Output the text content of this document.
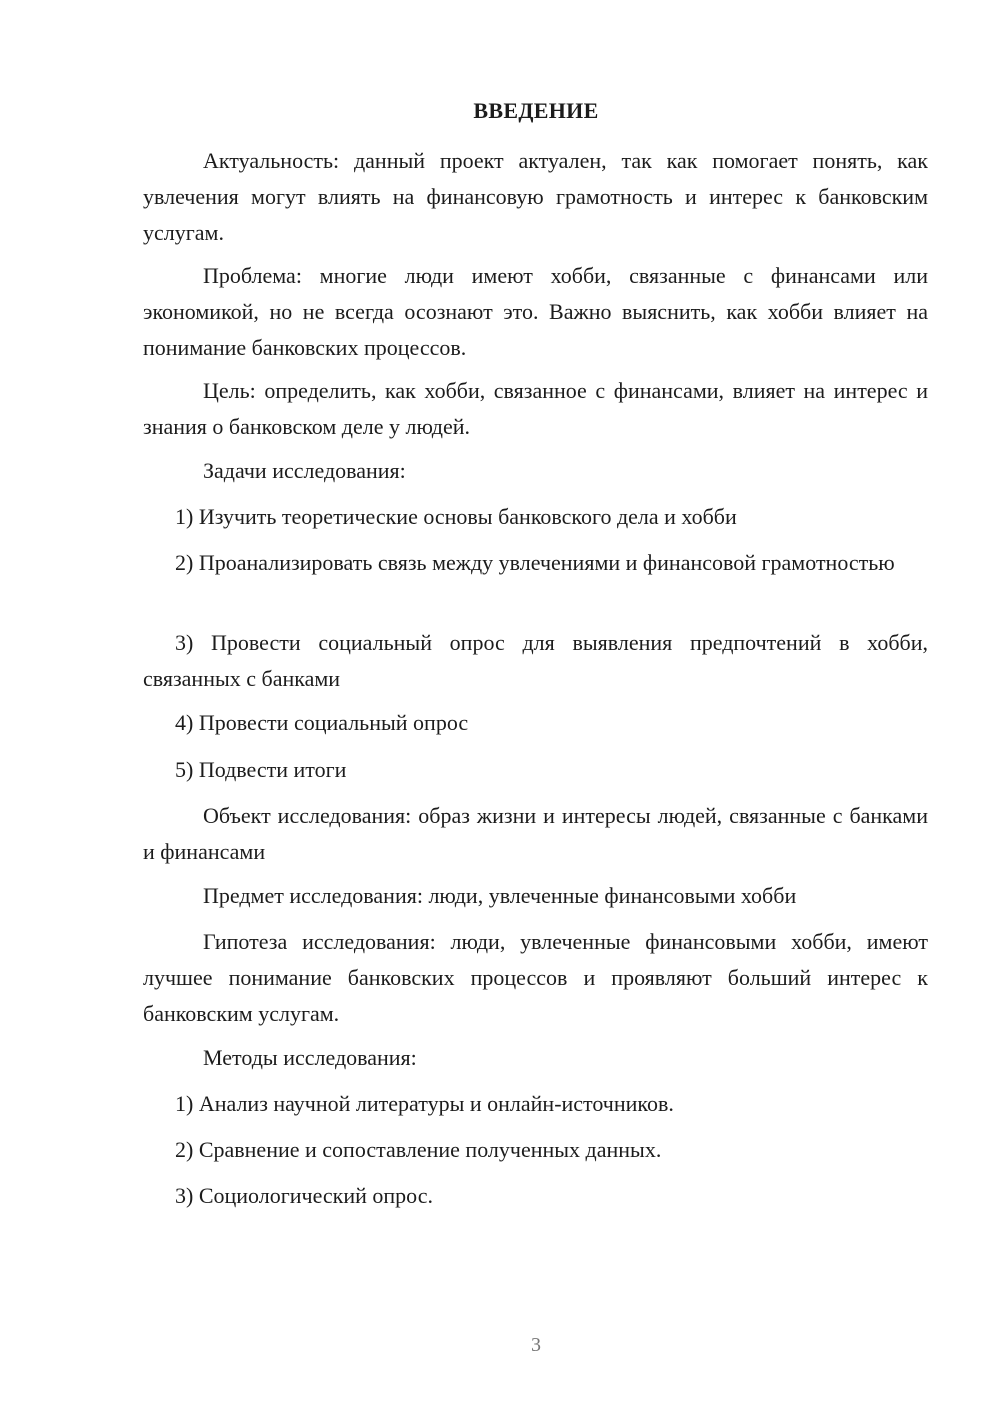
ВВЕДЕНИЕ

Актуальность: данный проект актуален, так как помогает понять, как увлечения могут влиять на финансовую грамотность и интерес к банковским услугам.

Проблема: многие люди имеют хобби, связанные с финансами или экономикой, но не всегда осознают это. Важно выяснить, как хобби влияет на понимание банковских процессов.

Цель: определить, как хобби, связанное с финансами, влияет на интерес и знания о банковском деле у людей.

Задачи исследования:

1) Изучить теоретические основы банковского дела и хобби

2) Проанализировать связь между увлечениями и финансовой грамотностью

3) Провести социальный опрос для выявления предпочтений в хобби, связанных с банками

4) Провести социальный опрос

5) Подвести итоги

Объект исследования: образ жизни и интересы людей, связанные с банками и финансами

Предмет исследования: люди, увлеченные финансовыми хобби

Гипотеза исследования: люди, увлеченные финансовыми хобби, имеют лучшее понимание банковских процессов и проявляют больший интерес к банковским услугам.

Методы исследования:

1) Анализ научной литературы и онлайн-источников.

2) Сравнение и сопоставление полученных данных.

3) Социологический опрос.

3
